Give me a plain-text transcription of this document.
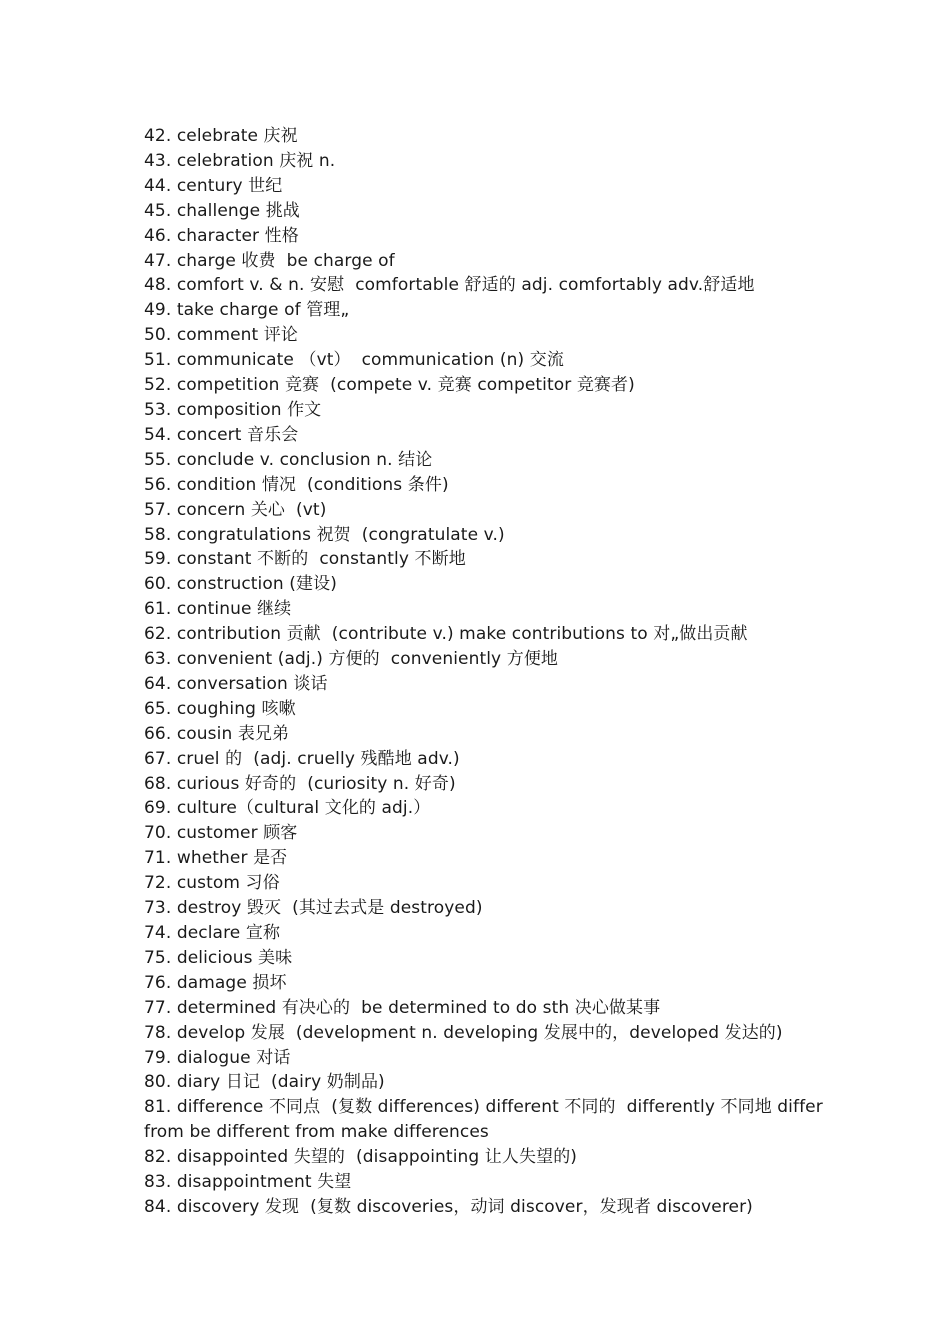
42. celebrate 庆祝
43. celebration 庆祝 n.
44. century 世纪
45. challenge 挑战
46. character 性格
47. charge 收费  be charge of
48. comfort v. & n. 安慰  comfortable 舒适的 adj. comfortably adv.舒适地
49. take charge of 管理„
50. comment 评论
51. communicate （vt）  communication (n) 交流
52. competition 竞赛  (compete v. 竞赛 competitor 竞赛者)
53. composition 作文
54. concert 音乐会
55. conclude v. conclusion n. 结论
56. condition 情况  (conditions 条件)
57. concern 关心  (vt)
58. congratulations 祝贺  (congratulate v.)
59. constant 不断的  constantly 不断地
60. construction (建设)
61. continue 继续
62. contribution 贡献  (contribute v.) make contributions to 对„做出贡献
63. convenient (adj.) 方便的  conveniently 方便地
64. conversation 谈话
65. coughing 咳嗽
66. cousin 表兄弟
67. cruel 的  (adj. cruelly 残酷地 adv.)
68. curious 好奇的  (curiosity n. 好奇)
69. culture（cultural 文化的 adj.）
70. customer 顾客
71. whether 是否
72. custom 习俗
73. destroy 毁灭  (其过去式是 destroyed)
74. declare 宣称
75. delicious 美味
76. damage 损坏
77. determined 有决心的  be determined to do sth 决心做某事
78. develop 发展  (development n. developing 发展中的，developed 发达的)
79. dialogue 对话
80. diary 日记  (dairy 奶制品)
81. difference 不同点  (复数 differences) different 不同的  differently 不同地 differ from be different from make differences
82. disappointed 失望的  (disappointing 让人失望的)
83. disappointment 失望
84. discovery 发现  (复数 discoveries，动词 discover，发现者 discoverer)
